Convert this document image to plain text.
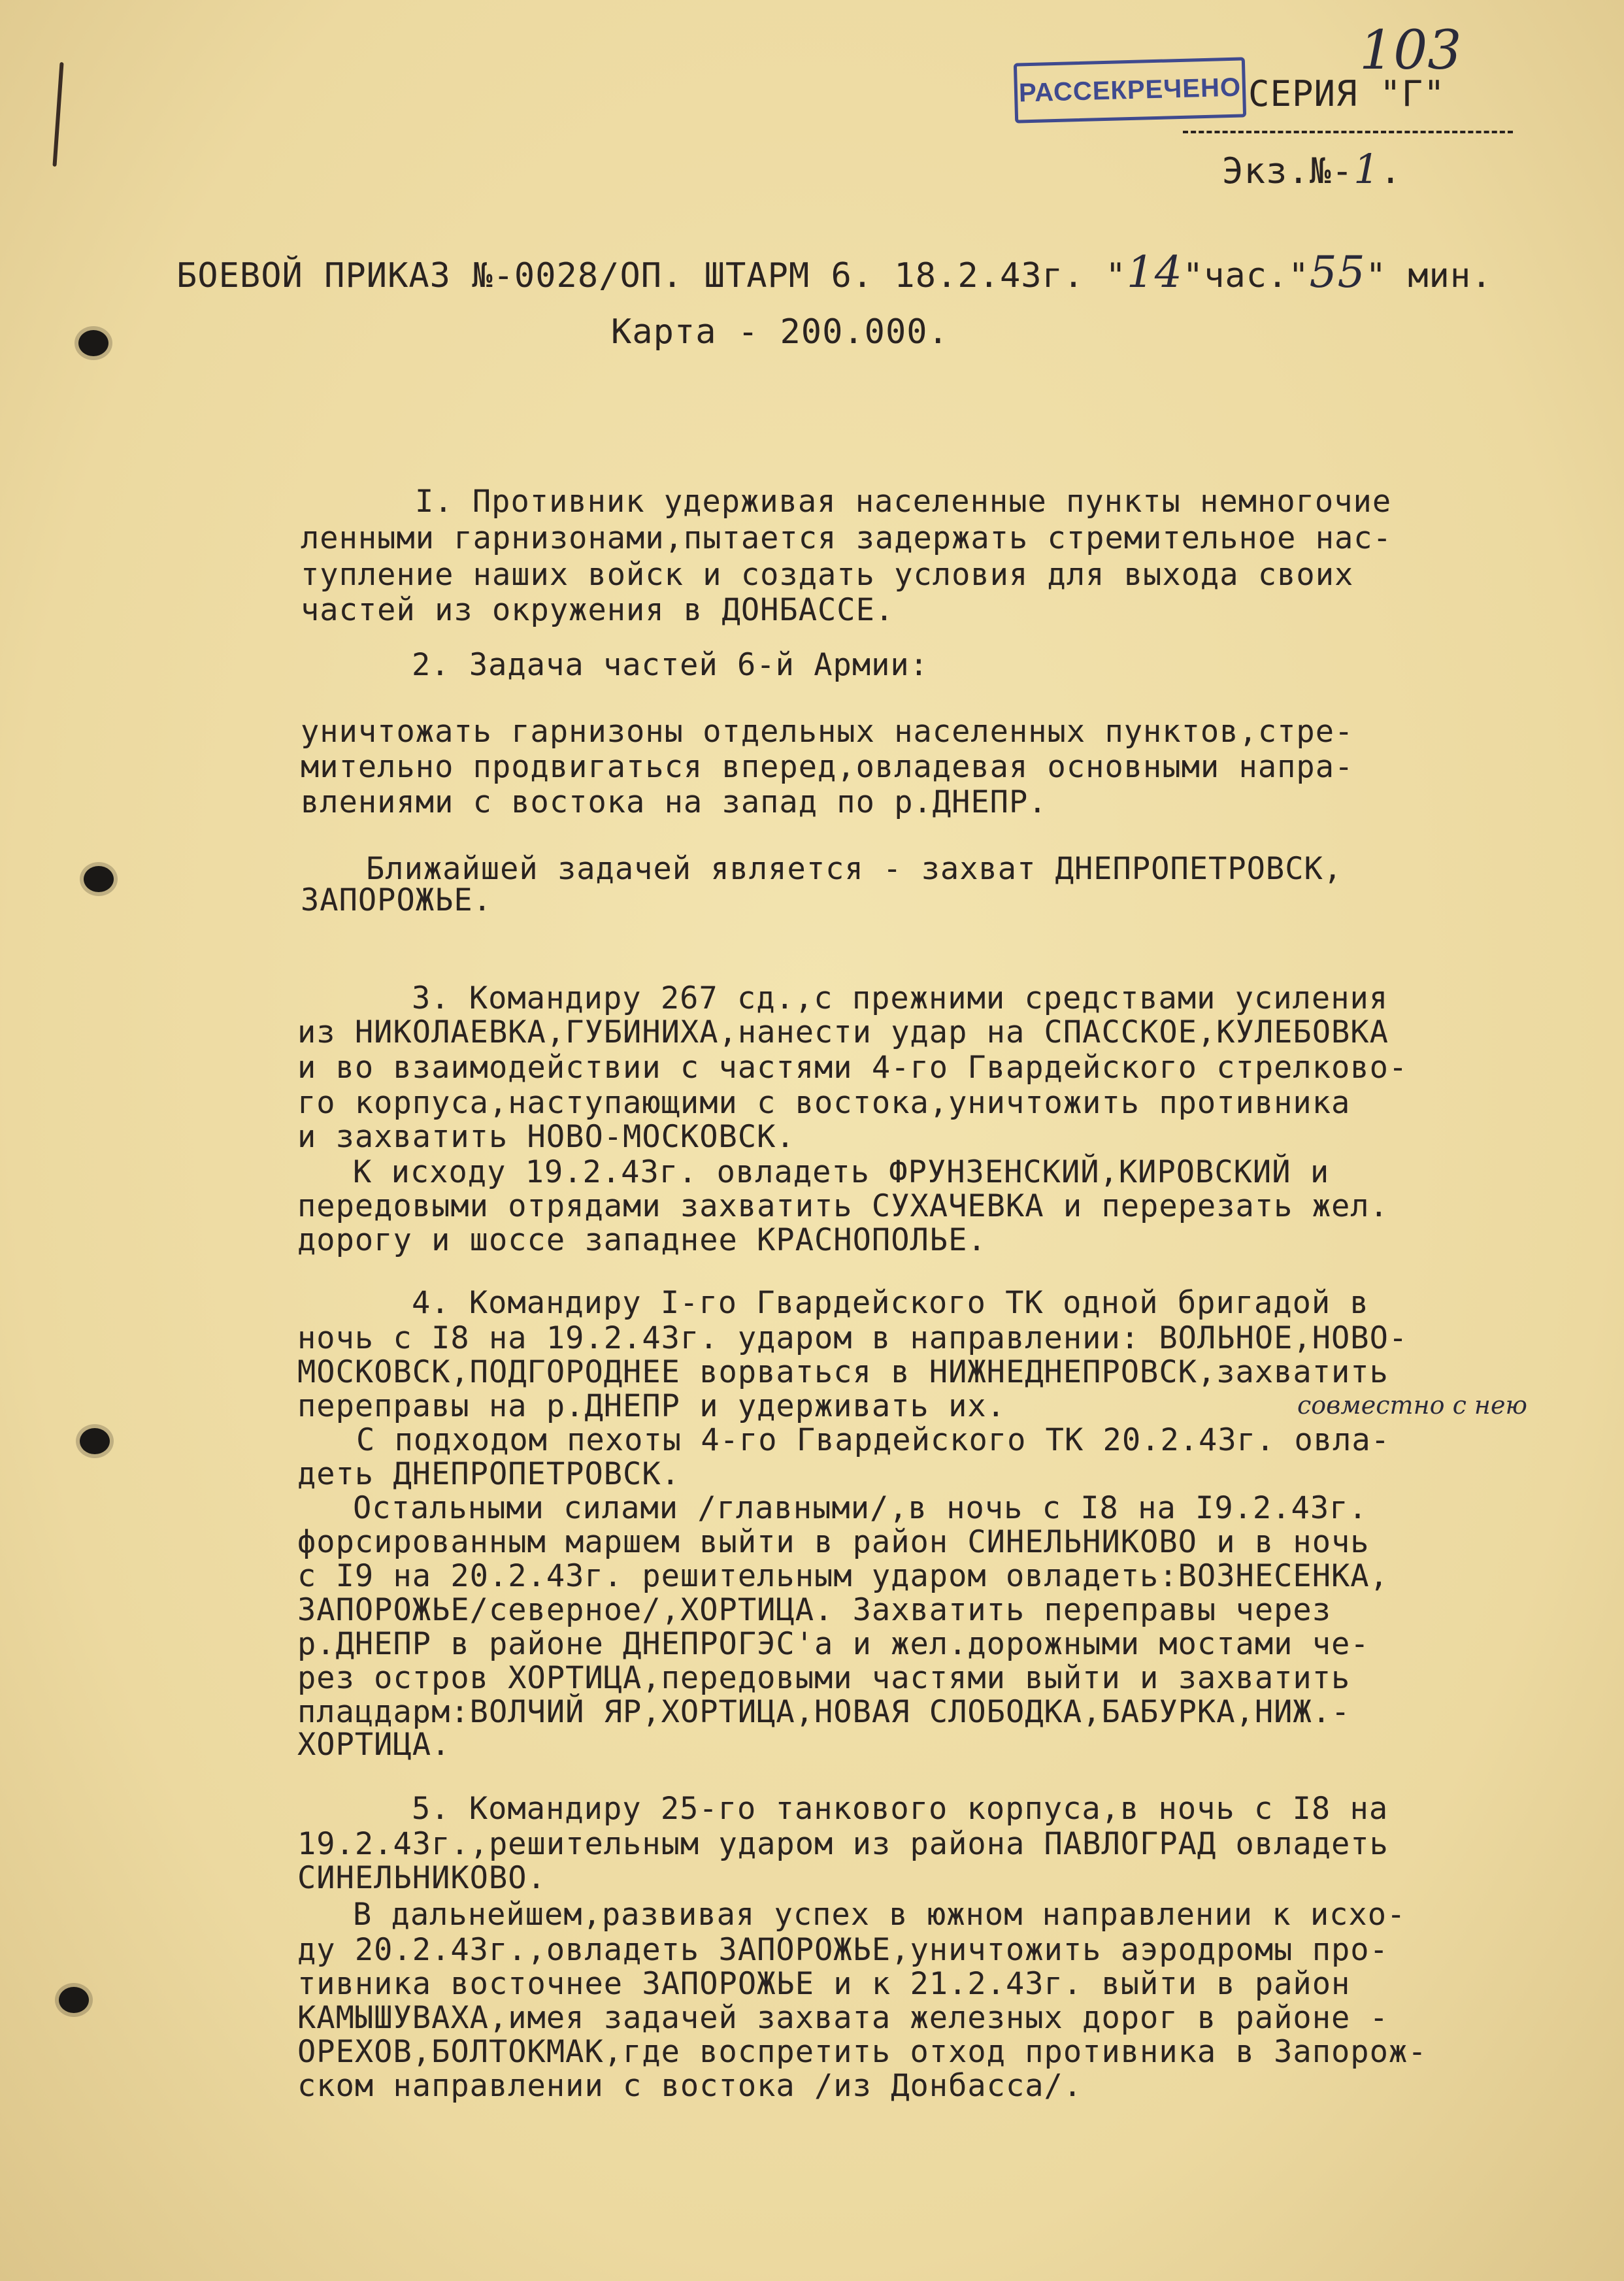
РАССЕКРЕЧЕНО
103
СЕРИЯ "Г"
Экз.№-1.
БОЕВОЙ ПРИКАЗ №-0028/ОП. ШТАРМ 6. 18.2.43г. "14"час."55" мин.
Карта - 200.000.
I. Противник удерживая населенные пункты немногочие
ленными гарнизонами,пытается задержать стремительное нас-
тупление наших войск и создать условия для выхода своих
частей из окружения в ДОНБАССЕ.
2. Задача частей 6-й Армии:
уничтожать гарнизоны отдельных населенных пунктов,стре-
мительно продвигаться вперед,овладевая основными напра-
влениями с востока на запад по р.ДНЕПР.
Ближайшей задачей является - захват ДНЕПРОПЕТРОВСК,
ЗАПОРОЖЬЕ.
3. Командиру 267 сд.,с прежними средствами усиления
из НИКОЛАЕВКА,ГУБИНИХА,нанести удар на СПАССКОЕ,КУЛЕБОВКА
и во взаимодействии с частями 4-го Гвардейского стрелково-
го корпуса,наступающими с востока,уничтожить противника
и захватить НОВО-МОСКОВСК.
К исходу 19.2.43г. овладеть ФРУНЗЕНСКИЙ,КИРОВСКИЙ и
передовыми отрядами захватить СУХАЧЕВКА и перерезать жел.
дорогу и шоссе западнее КРАСНОПОЛЬЕ.
4. Командиру I-го Гвардейского ТК одной бригадой в
ночь с I8 на 19.2.43г. ударом в направлении: ВОЛЬНОЕ,НОВО-
МОСКОВСК,ПОДГОРОДНЕЕ ворваться в НИЖНЕДНЕПРОВСК,захватить
переправы на р.ДНЕПР и удерживать их.	совместно с нею
С подходом пехоты 4-го Гвардейского ТК 20.2.43г. овла-
деть ДНЕПРОПЕТРОВСК.
Остальными силами /главными/,в ночь с I8 на I9.2.43г.
форсированным маршем выйти в район СИНЕЛЬНИКОВО и в ночь
с I9 на 20.2.43г. решительным ударом овладеть:ВОЗНЕСЕНКА,
ЗАПОРОЖЬЕ/северное/,ХОРТИЦА. Захватить переправы через
р.ДНЕПР в районе ДНЕПРОГЭС'а и жел.дорожными мостами че-
рез остров ХОРТИЦА,передовыми частями выйти и захватить
плацдарм:ВОЛЧИЙ ЯР,ХОРТИЦА,НОВАЯ СЛОБОДКА,БАБУРКА,НИЖ.-
ХОРТИЦА.
5. Командиру 25-го танкового корпуса,в ночь с I8 на
19.2.43г.,решительным ударом из района ПАВЛОГРАД овладеть
СИНЕЛЬНИКОВО.
В дальнейшем,развивая успех в южном направлении к исхо-
ду 20.2.43г.,овладеть ЗАПОРОЖЬЕ,уничтожить аэродромы про-
тивника восточнее ЗАПОРОЖЬЕ и к 21.2.43г. выйти в район
КАМЫШУВАХА,имея задачей захвата железных дорог в районе -
ОРЕХОВ,БОЛТОКМАК,где воспретить отход противника в Запорож-
ском направлении с востока /из Донбасса/.
